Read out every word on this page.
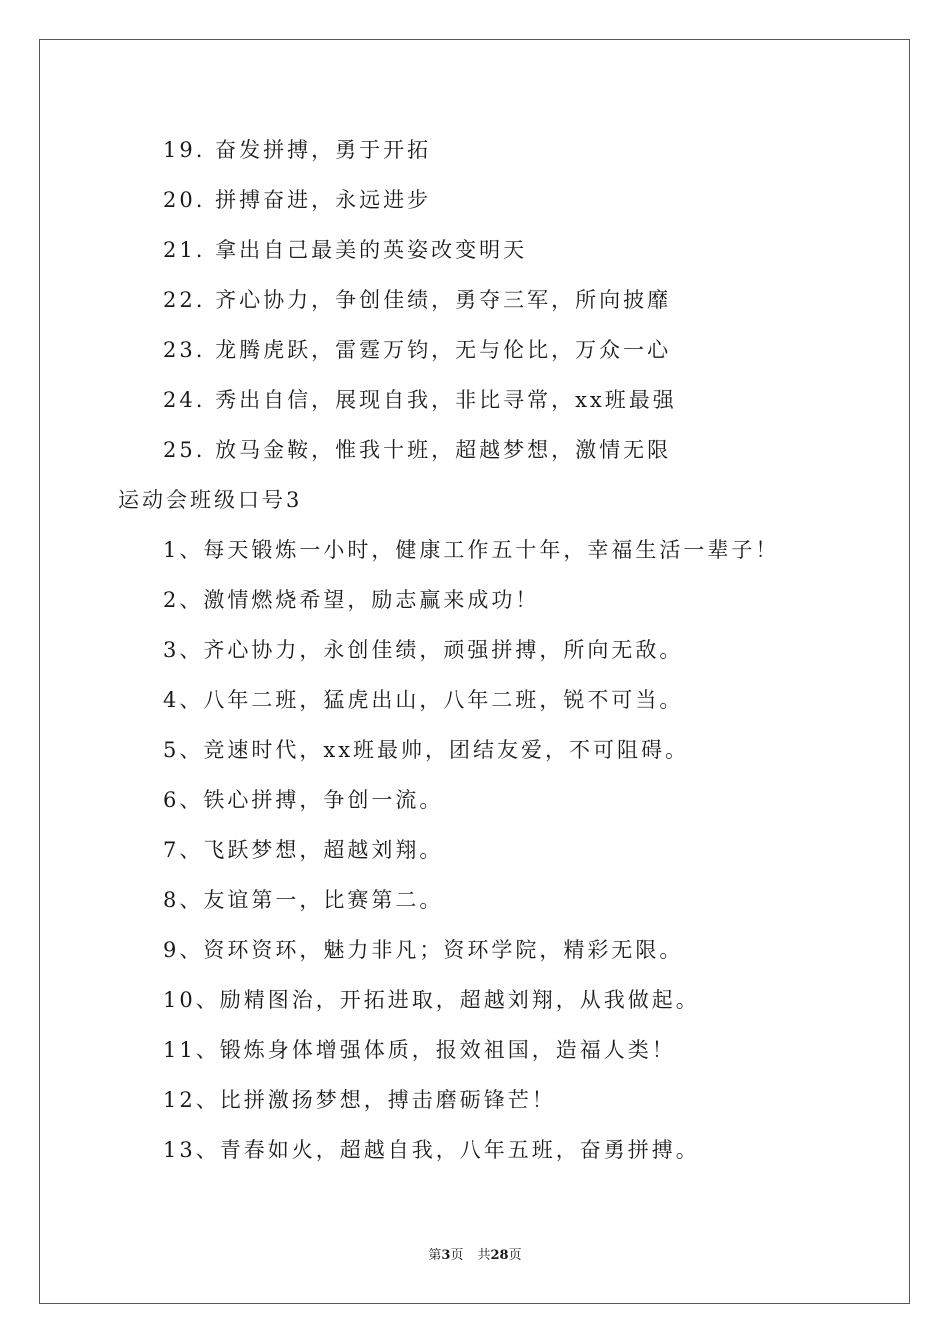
19. 奋发拼搏，勇于开拓
20. 拼搏奋进，永远进步
21. 拿出自己最美的英姿改变明天
22. 齐心协力，争创佳绩，勇夺三军，所向披靡
23. 龙腾虎跃，雷霆万钧，无与伦比，万众一心
24. 秀出自信，展现自我，非比寻常，xx班最强
25. 放马金鞍，惟我十班，超越梦想，激情无限
运动会班级口号3
1、每天锻炼一小时，健康工作五十年，幸福生活一辈子！
2、激情燃烧希望，励志赢来成功！
3、齐心协力，永创佳绩，顽强拼搏，所向无敌。
4、八年二班，猛虎出山，八年二班，锐不可当。
5、竞速时代，xx班最帅，团结友爱，不可阻碍。
6、铁心拼搏，争创一流。
7、飞跃梦想，超越刘翔。
8、友谊第一，比赛第二。
9、资环资环，魅力非凡；资环学院，精彩无限。
10、励精图治，开拓进取，超越刘翔，从我做起。
11、锻炼身体增强体质，报效祖国，造福人类！
12、比拼激扬梦想，搏击磨砺锋芒！
13、青春如火，超越自我，八年五班，奋勇拼搏。
第3页 共28页
